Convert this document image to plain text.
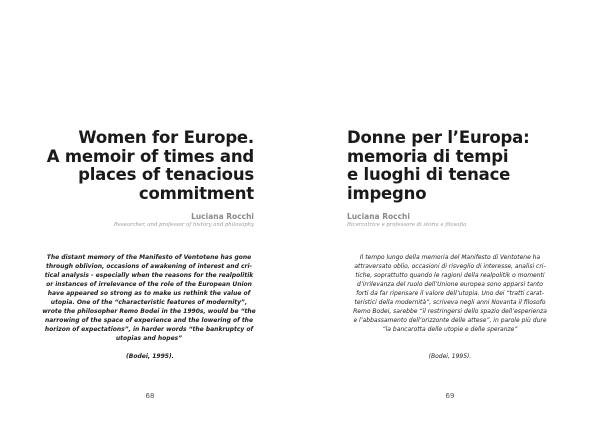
Women for Europe.
A memoir of times and
places of tenacious
commitment
Luciana Rocchi
Researcher, and professor of history and philosophy
The distant memory of the Manifesto of Ventotene has gone
through oblivion, occasions of awakening of interest and cri-
tical analysis - especially when the reasons for the realpolitik
or instances of irrelevance of the role of the European Union
have appeared so strong as to make us rethink the value of
utopia. One of the “characteristic features of modernity”,
wrote the philosopher Remo Bodei in the 1990s, would be “the
narrowing of the space of experience and the lowering of the
horizon of expectations”, in harder words “the bankruptcy of
utopias and hopes”
(Bodei, 1995).
68
Donne per l’Europa:
memoria di tempi
e luoghi di tenace
impegno
Luciana Rocchi
Ricercatrice e professore di storia e filosofia
Il tempo lungo della memoria del Manifesto di Ventotene ha
attraversato oblio, occasioni di risveglio di interesse, analisi cri-
tiche, soprattutto quando le ragioni della realpolitik o momenti
d’irrilevanza del ruolo dell’Unione europea sono apparsi tanto
forti da far ripensare il valore dell’utopia. Uno dei “tratti carat-
teristici della modernità”, scriveva negli anni Novanta il filosofo
Remo Bodei, sarebbe “il restringersi dello spazio dell’esperienza
e l’abbassamento dell’orizzonte delle attese”, in parole più dure
“la bancarotta delle utopie e delle speranze”
(Bodei, 1995).
69
